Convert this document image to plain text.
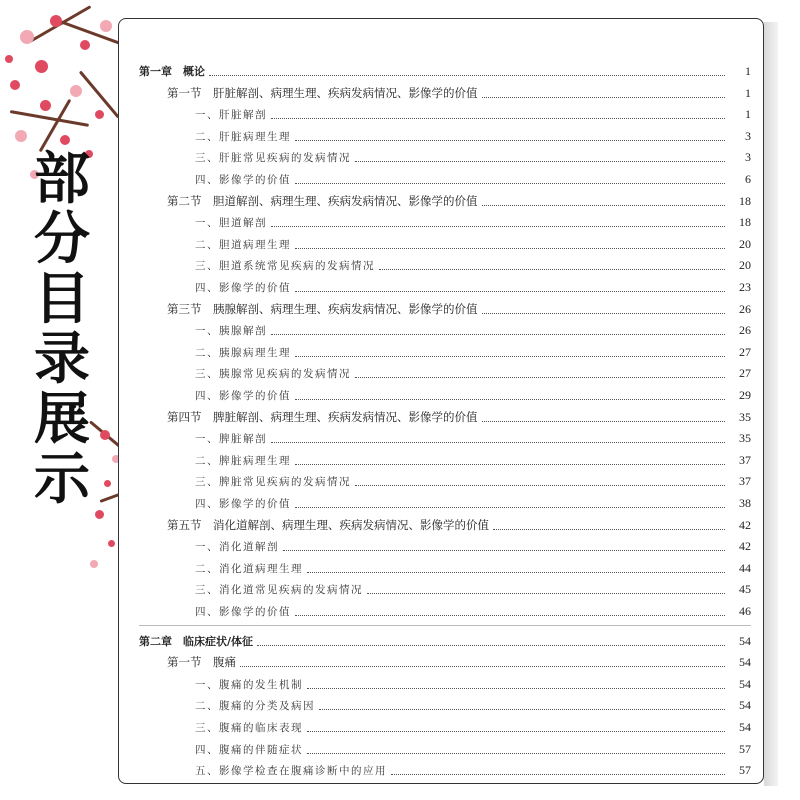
部
分
目
录
展
示
第一章　概论	1
第一节　肝脏解剖、病理生理、疾病发病情况、影像学的价值	1
一、肝脏解剖	1
二、肝脏病理生理	3
三、肝脏常见疾病的发病情况	3
四、影像学的价值	6
第二节　胆道解剖、病理生理、疾病发病情况、影像学的价值	18
一、胆道解剖	18
二、胆道病理生理	20
三、胆道系统常见疾病的发病情况	20
四、影像学的价值	23
第三节　胰腺解剖、病理生理、疾病发病情况、影像学的价值	26
一、胰腺解剖	26
二、胰腺病理生理	27
三、胰腺常见疾病的发病情况	27
四、影像学的价值	29
第四节　脾脏解剖、病理生理、疾病发病情况、影像学的价值	35
一、脾脏解剖	35
二、脾脏病理生理	37
三、脾脏常见疾病的发病情况	37
四、影像学的价值	38
第五节　消化道解剖、病理生理、疾病发病情况、影像学的价值	42
一、消化道解剖	42
二、消化道病理生理	44
三、消化道常见疾病的发病情况	45
四、影像学的价值	46
第二章　临床症状/体征	54
第一节　腹痛	54
一、腹痛的发生机制	54
二、腹痛的分类及病因	54
三、腹痛的临床表现	54
四、腹痛的伴随症状	57
五、影像学检查在腹痛诊断中的应用	57
